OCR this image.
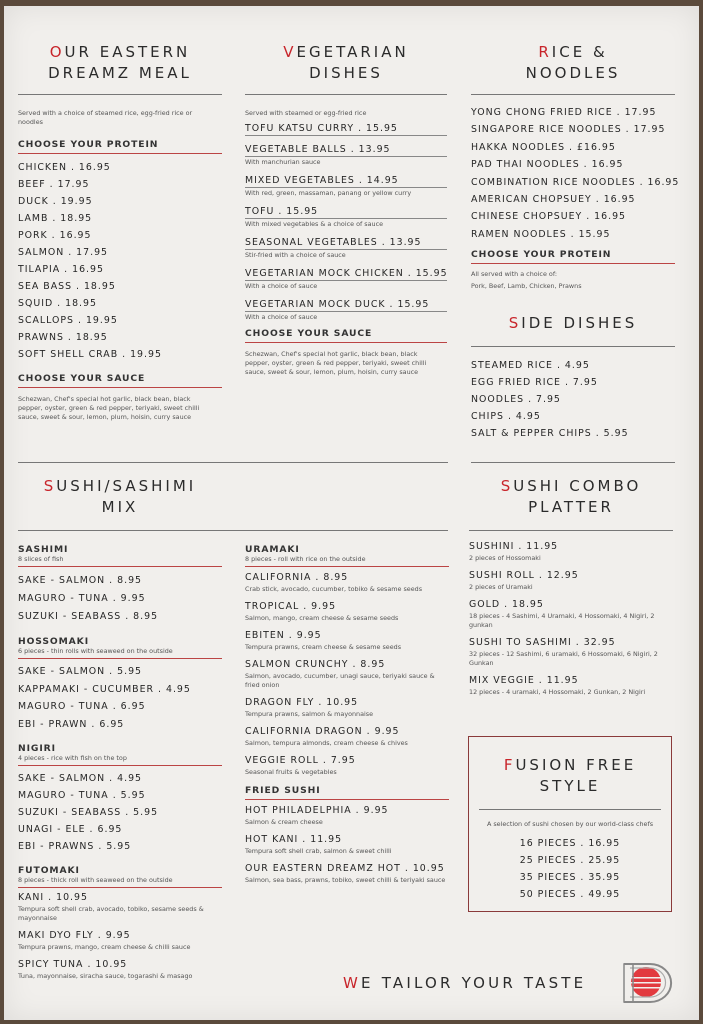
OUR EASTERN
DREAMZ MEAL
Served with a choice of steamed rice, egg-fried rice or noodles
CHOOSE YOUR PROTEIN
CHICKEN . 16.95
BEEF . 17.95
DUCK . 19.95
LAMB . 18.95
PORK . 16.95
SALMON . 17.95
TILAPIA . 16.95
SEA BASS . 18.95
SQUID . 18.95
SCALLOPS . 19.95
PRAWNS . 18.95
SOFT SHELL CRAB . 19.95
CHOOSE YOUR SAUCE
Schezwan, Chef's special hot garlic, black bean, black pepper, oyster, green & red pepper, teriyaki, sweet chilli sauce, sweet & sour, lemon, plum, hoisin, curry sauce
VEGETARIAN
DISHES
Served with steamed or egg-fried rice
TOFU KATSU CURRY . 15.95
VEGETABLE BALLS . 13.95
With manchurian sauce
MIXED VEGETABLES . 14.95
With red, green, massaman, panang or yellow curry
TOFU . 15.95
With mixed vegetables & a choice of sauce
SEASONAL VEGETABLES . 13.95
Stir-fried with a choice of sauce
VEGETARIAN MOCK CHICKEN . 15.95
With a choice of sauce
VEGETARIAN MOCK DUCK . 15.95
With a choice of sauce
CHOOSE YOUR SAUCE
Schezwan, Chef's special hot garlic, black bean, black pepper, oyster, green & red pepper, teriyaki, sweet chilli sauce, sweet & sour, lemon, plum, hoisin, curry sauce
RICE &
NOODLES
YONG CHONG FRIED RICE . 17.95
SINGAPORE RICE NOODLES . 17.95
HAKKA NOODLES . £16.95
PAD THAI NOODLES . 16.95
COMBINATION RICE NOODLES . 16.95
AMERICAN CHOPSUEY . 16.95
CHINESE CHOPSUEY . 16.95
RAMEN NOODLES . 15.95
CHOOSE YOUR PROTEIN
All served with a choice of:
Pork, Beef, Lamb, Chicken, Prawns
SIDE DISHES
STEAMED RICE . 4.95
EGG FRIED RICE . 7.95
NOODLES . 7.95
CHIPS . 4.95
SALT & PEPPER CHIPS . 5.95
SUSHI/SASHIMI
MIX
SASHIMI
8 slices of fish
SAKE - SALMON . 8.95
MAGURO - TUNA . 9.95
SUZUKI - SEABASS . 8.95
HOSSOMAKI
6 pieces - thin rolls with seaweed on the outside
SAKE - SALMON . 5.95
KAPPAMAKI - CUCUMBER . 4.95
MAGURO - TUNA . 6.95
EBI - PRAWN . 6.95
NIGIRI
4 pieces - rice with fish on the top
SAKE - SALMON . 4.95
MAGURO - TUNA . 5.95
SUZUKI - SEABASS . 5.95
UNAGI - ELE . 6.95
EBI - PRAWNS . 5.95
FUTOMAKI
8 pieces - thick roll with seaweed on the outside
KANI . 10.95
Tempura soft shell crab, avocado, tobiko, sesame seeds & mayonnaise
MAKI DYO FLY . 9.95
Tempura prawns, mango, cream cheese & chilli sauce
SPICY TUNA . 10.95
Tuna, mayonnaise, siracha sauce, togarashi & masago
URAMAKI
8 pieces - roll with rice on the outside
CALIFORNIA . 8.95
Crab stick, avocado, cucumber, tobiko & sesame seeds
TROPICAL . 9.95
Salmon, mango, cream cheese & sesame seeds
EBITEN . 9.95
Tempura prawns, cream cheese & sesame seeds
SALMON CRUNCHY . 8.95
Salmon, avocado, cucumber, unagi sauce, teriyaki sauce & fried onion
DRAGON FLY . 10.95
Tempura prawns, salmon & mayonnaise
CALIFORNIA DRAGON . 9.95
Salmon, tempura almonds, cream cheese & chives
VEGGIE ROLL . 7.95
Seasonal fruits & vegetables
FRIED SUSHI
HOT PHILADELPHIA . 9.95
Salmon & cream cheese
HOT KANI . 11.95
Tempura soft shell crab, salmon & sweet chilli
OUR EASTERN DREAMZ HOT . 10.95
Salmon, sea bass, prawns, tobiko, sweet chilli & teriyaki sauce
SUSHI COMBO
PLATTER
SUSHINI . 11.95
2 pieces of Hossomaki
SUSHI ROLL . 12.95
2 pieces of Uramaki
GOLD . 18.95
18 pieces - 4 Sashimi, 4 Uramaki, 4 Hossomaki, 4 Nigiri, 2 gunkan
SUSHI TO SASHIMI . 32.95
32 pieces - 12 Sashimi, 6 uramaki, 6 Hossomaki, 6 Nigiri, 2 Gunkan
MIX VEGGIE . 11.95
12 pieces - 4 uramaki, 4 Hossomaki, 2 Gunkan, 2 Nigiri
FUSION FREE
STYLE
A selection of sushi chosen by our world-class chefs
16 PIECES . 16.95
25 PIECES . 25.95
35 PIECES . 35.95
50 PIECES . 49.95
WE TAILOR YOUR TASTE
